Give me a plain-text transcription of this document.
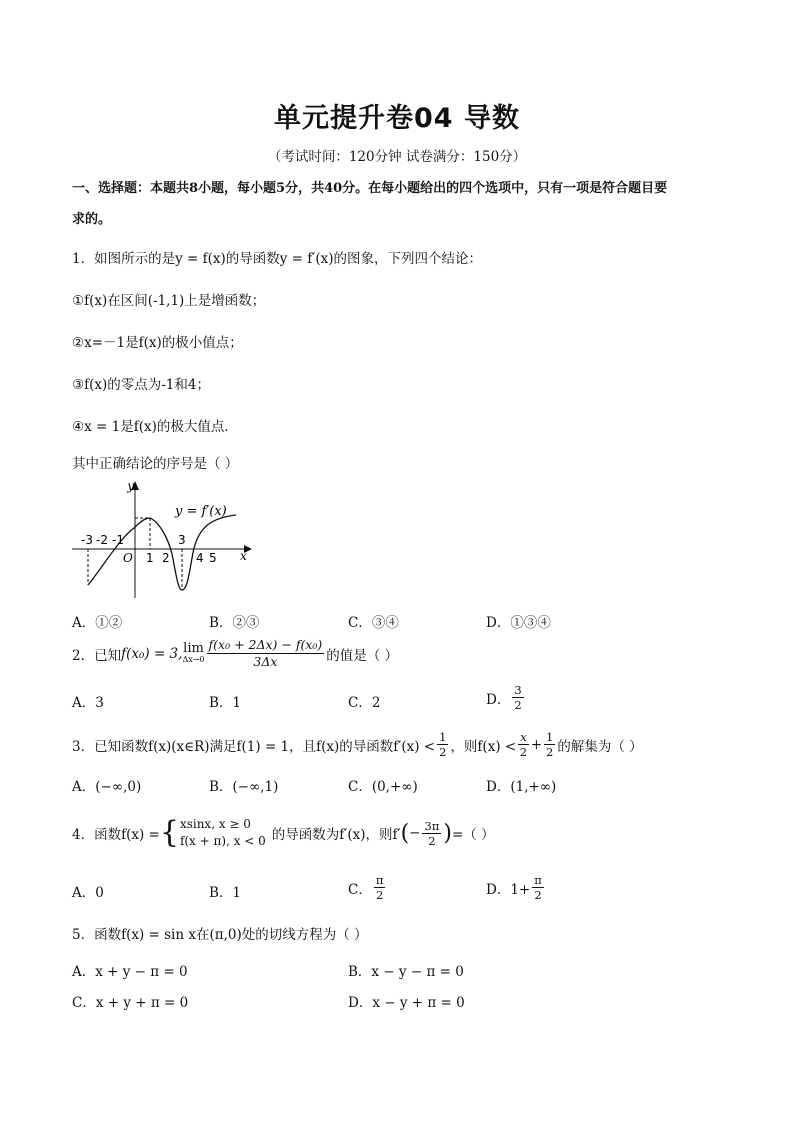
单元提升卷04 导数
（考试时间：120分钟 试卷满分：150分）
一、选择题：本题共8小题，每小题5分，共40分。在每小题给出的四个选项中，只有一项是符合题目要
求的。
1．如图所示的是y = f(x)的导函数y = f′(x)的图象，下列四个结论：
①f(x)在区间(-1,1)上是增函数；
②x=－1是f(x)的极小值点；
③f(x)的零点为-1和4；
④x = 1是f(x)的极大值点．
其中正确结论的序号是（ ）
y
x
y = f′(x)
O
-3 -2 -1
1 2
3
4 5
A．①②	B．②③	C．③④	D．①③④
2．已知 f(x₀) = 3, lim
$\Delta x\to 0 \frac{\text{f(x₀ + 2Δx) − f(x₀)}}{3\Delta x}$ 的值是（ ）
A．3	B．1	C．2	D． $\frac{3}{2}$
3．已知函数f(x)(x∈R)满足f(1) = 1，且f(x)的导函数$f'(x) < \frac{1}{2}$ ，则$f(x) < \frac{x}{2} + \frac{1}{2}$ 的解集为（ ）
A．(−∞,0)	B．(−∞,1)	C．(0,+∞)	D．(1,+∞)
4．函数f(x) = { xsinx, x ≥ 0
f(x + π), x < 0 的导函数为f′(x)，则f′ ( − $\frac{3\pi}{2}$ ) =（ ）
A．0	B．1	C． $\frac{\pi}{2}$	D．$1+ \frac{\pi}{2}$
5．函数f(x) = sin x在(π,0)处的切线方程为（ ）
A．x + y − π = 0	B．x − y − π = 0
C．x + y + π = 0	D．x − y + π = 0
